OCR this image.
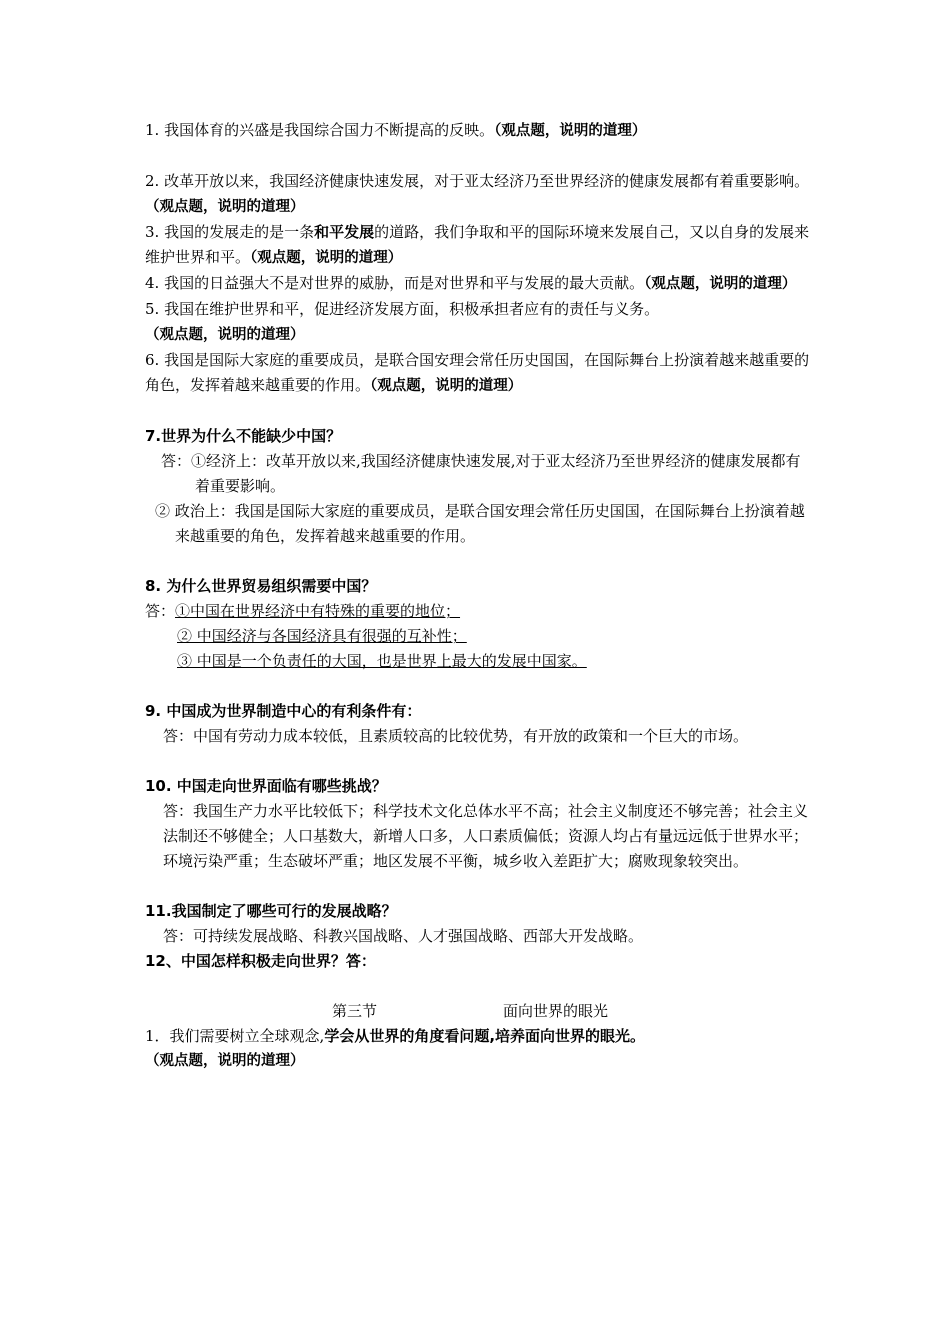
1. 我国体育的兴盛是我国综合国力不断提高的反映。（观点题，说明的道理）

2. 改革开放以来，我国经济健康快速发展，对于亚太经济乃至世界经济的健康发展都有着重要影响。（观点题，说明的道理）

3. 我国的发展走的是一条和平发展的道路，我们争取和平的国际环境来发展自己，又以自身的发展来维护世界和平。（观点题，说明的道理）

4. 我国的日益强大不是对世界的威胁，而是对世界和平与发展的最大贡献。（观点题，说明的道理）

5. 我国在维护世界和平，促进经济发展方面，积极承担者应有的责任与义务。（观点题，说明的道理）

6. 我国是国际大家庭的重要成员，是联合国安理会常任历史国国，在国际舞台上扮演着越来越重要的角色，发挥着越来越重要的作用。（观点题，说明的道理）

7.世界为什么不能缺少中国？

答：①经济上：改革开放以来,我国经济健康快速发展,对于亚太经济乃至世界经济的健康发展都有着重要影响。

② 政治上：我国是国际大家庭的重要成员，是联合国安理会常任历史国国，在国际舞台上扮演着越来越重要的角色，发挥着越来越重要的作用。

8. 为什么世界贸易组织需要中国？

答：①中国在世界经济中有特殊的重要的地位；

② 中国经济与各国经济具有很强的互补性；

③ 中国是一个负责任的大国，也是世界上最大的发展中国家。

9. 中国成为世界制造中心的有利条件有：

答：中国有劳动力成本较低，且素质较高的比较优势，有开放的政策和一个巨大的市场。

10. 中国走向世界面临有哪些挑战？

答：我国生产力水平比较低下；科学技术文化总体水平不高；社会主义制度还不够完善；社会主义法制还不够健全；人口基数大，新增人口多，人口素质偏低；资源人均占有量远远低于世界水平；环境污染严重；生态破坏严重；地区发展不平衡，城乡收入差距扩大；腐败现象较突出。

11.我国制定了哪些可行的发展战略？

答：可持续发展战略、科教兴国战略、人才强国战略、西部大开发战略。

12、中国怎样积极走向世界？答：

第三节	面向世界的眼光

1．我们需要树立全球观念,学会从世界的角度看问题,培养面向世界的眼光。

（观点题，说明的道理）
